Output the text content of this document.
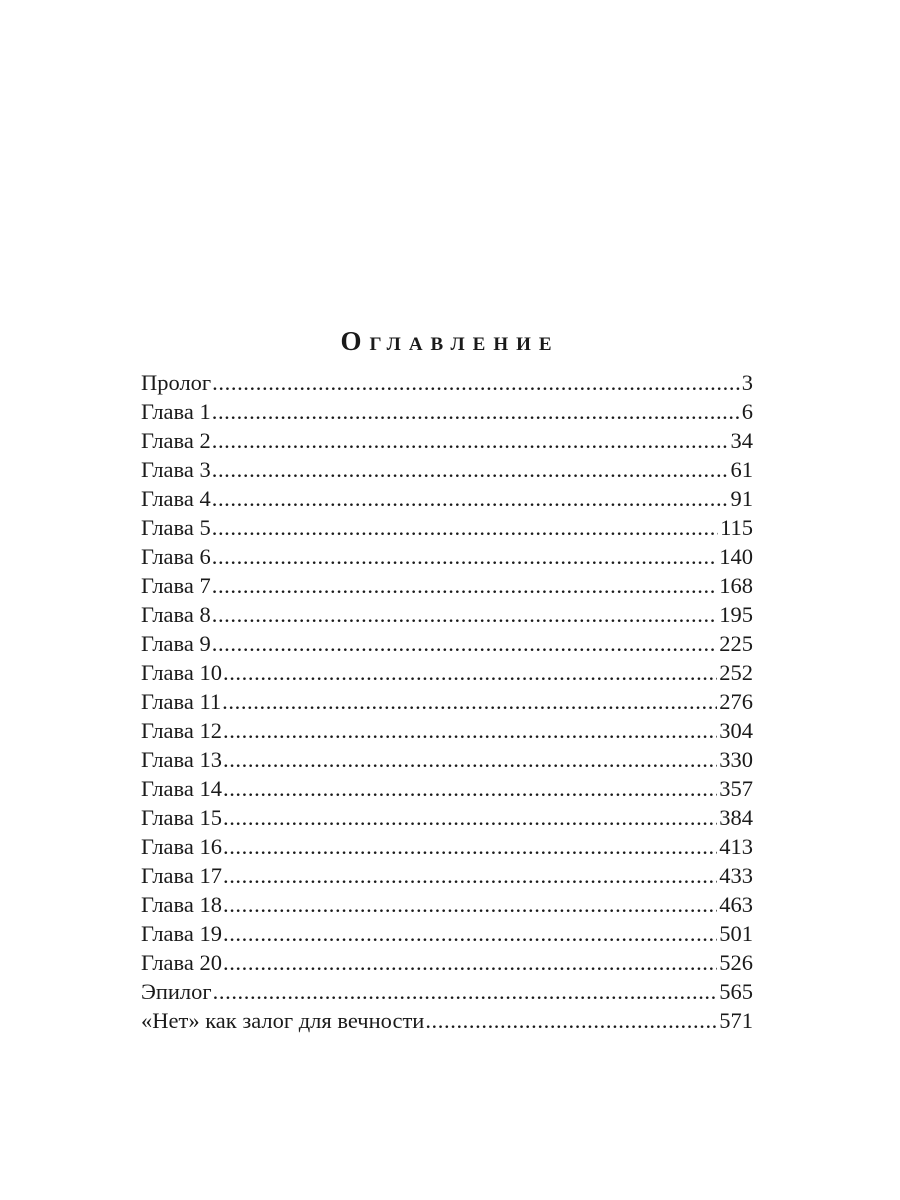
Оглавление
Пролог .....	3
Глава 1 .....	6
Глава 2 .....	34
Глава 3 .....	61
Глава 4 .....	91
Глава 5 .....	115
Глава 6 .....	140
Глава 7 .....	168
Глава 8 .....	195
Глава 9 .....	225
Глава 10 .....	252
Глава 11 .....	276
Глава 12 .....	304
Глава 13 .....	330
Глава 14 .....	357
Глава 15 .....	384
Глава 16 .....	413
Глава 17 .....	433
Глава 18 .....	463
Глава 19 .....	501
Глава 20 .....	526
Эпилог .....	565
«Нет» как залог для вечности .....	571
